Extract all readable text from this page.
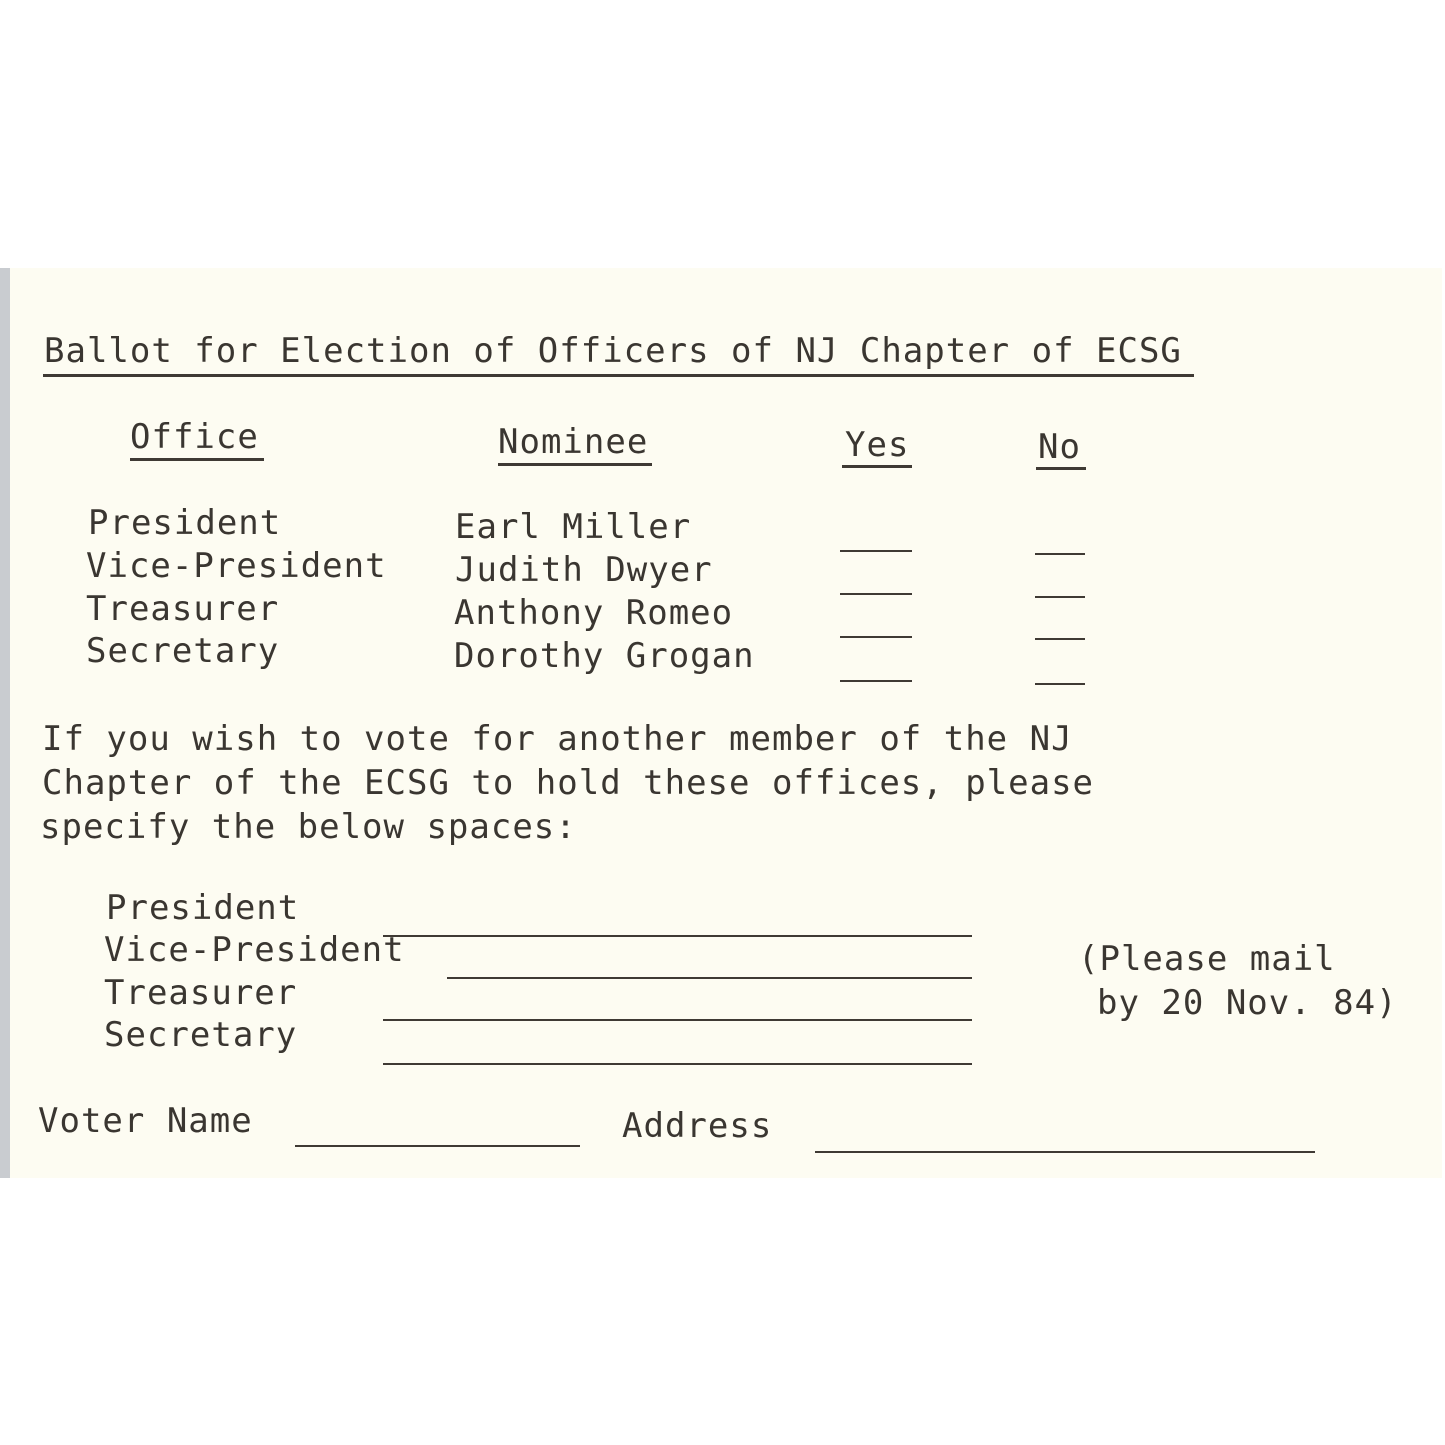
Ballot for Election of Officers of NJ Chapter of ECSG
Office	Nominee	Yes	No
President	Earl Miller
Vice-President Judith Dwyer
Treasurer	Anthony Romeo
Secretary	Dorothy Grogan
If you wish to vote for another member of the NJ
Chapter of the ECSG to hold these offices, please
specify the below spaces:
President
Vice-President
Treasurer
Secretary
(Please mail
by 20 Nov. 84)
Voter Name	Address
